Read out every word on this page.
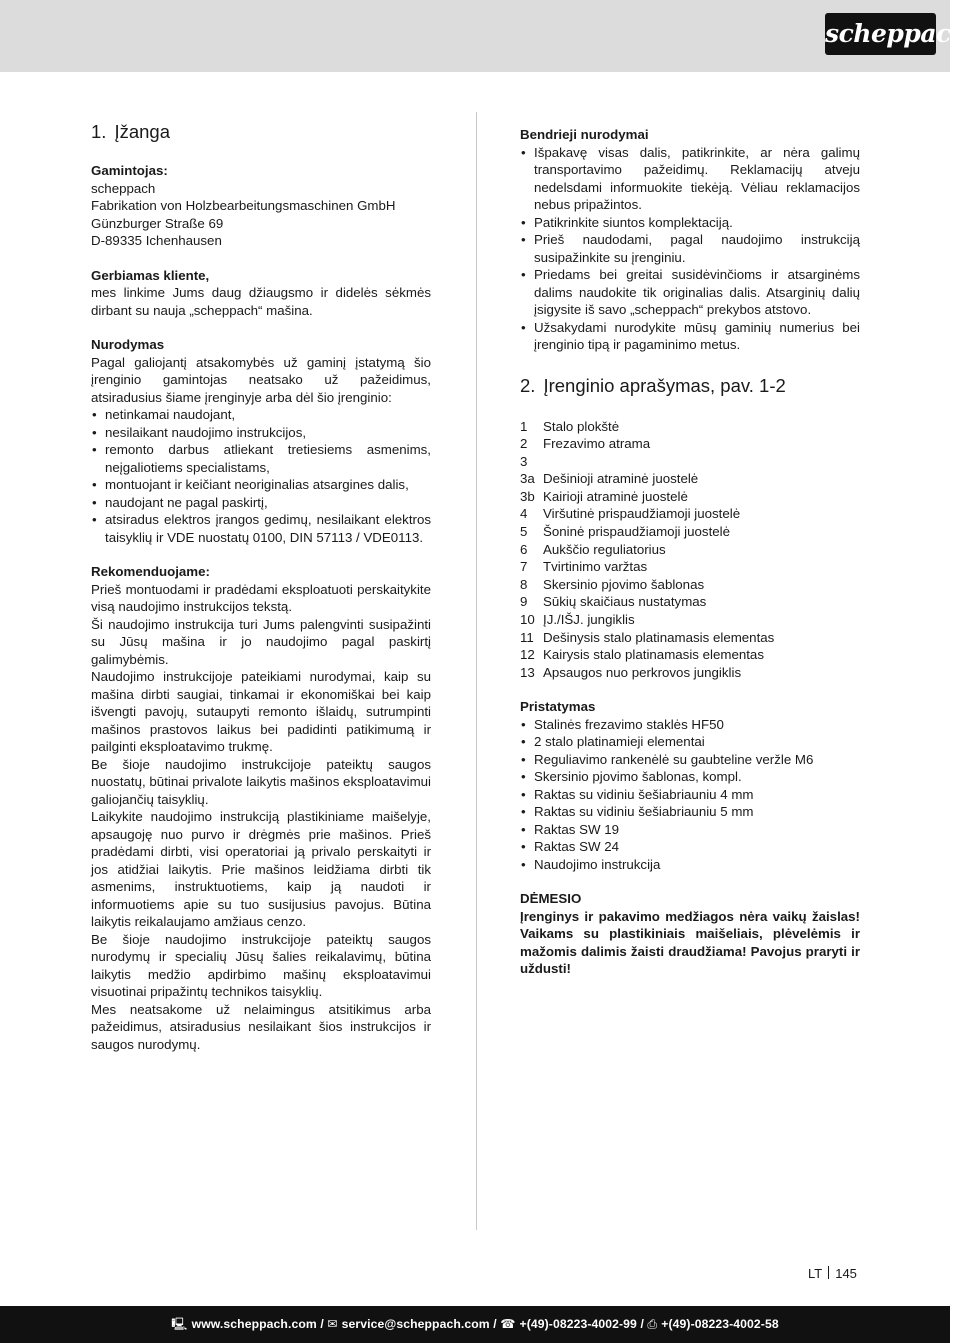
scheppach
1. Įžanga
Gamintojas:

scheppach

Fabrikation von Holzbearbeitungsmaschinen GmbH

Günzburger Straße 69

D-89335 Ichenhausen

Gerbiamas kliente,

mes linkime Jums daug džiaugsmo ir didelės sėkmės dirbant su nauja „scheppach“ mašina.

Nurodymas

Pagal galiojantį atsakomybės už gaminį įstatymą šio įrenginio gamintojas neatsako už pažeidimus, atsiradusius šiame įrenginyje arba dėl šio įrenginio:

• netinkamai naudojant,
• nesilaikant naudojimo instrukcijos,
• remonto darbus atliekant tretiesiems asmenims, neįgaliotiems specialistams,
• montuojant ir keičiant neoriginalias atsargines dalis,
• naudojant ne pagal paskirtį,
• atsiradus elektros įrangos gedimų, nesilaikant elektros taisyklių ir VDE nuostatų 0100, DIN 57113 / VDE0113.
Rekomenduojame:

Prieš montuodami ir pradėdami eksploatuoti perskaitykite visą naudojimo instrukcijos tekstą.

Ši naudojimo instrukcija turi Jums palengvinti susipažinti su Jūsų mašina ir jo naudojimo pagal paskirtį galimybėmis.

Naudojimo instrukcijoje pateikiami nurodymai, kaip su mašina dirbti saugiai, tinkamai ir ekonomiškai bei kaip išvengti pavojų, sutaupyti remonto išlaidų, sutrumpinti mašinos prastovos laikus bei padidinti patikimumą ir pailginti eksploatavimo trukmę.

Be šioje naudojimo instrukcijoje pateiktų saugos nuostatų, būtinai privalote laikytis mašinos eksploatavimui galiojančių taisyklių.

Laikykite naudojimo instrukciją plastikiniame maišelyje, apsaugoję nuo purvo ir drėgmės prie mašinos. Prieš pradėdami dirbti, visi operatoriai ją privalo perskaityti ir jos atidžiai laikytis. Prie mašinos leidžiama dirbti tik asmenims, instruktuotiems, kaip ją naudoti ir informuotiems apie su tuo susijusius pavojus. Būtina laikytis reikalaujamo amžiaus cenzo.

Be šioje naudojimo instrukcijoje pateiktų saugos nurodymų ir specialių Jūsų šalies reikalavimų, būtina laikytis medžio apdirbimo mašinų eksploatavimui visuotinai pripažintų technikos taisyklių.

Mes neatsakome už nelaimingus atsitikimus arba pažeidimus, atsiradusius nesilaikant šios instrukcijos ir saugos nurodymų.

Bendrieji nurodymai
• Išpakavę visas dalis, patikrinkite, ar nėra galimų transportavimo pažeidimų. Reklamacijų atveju nedelsdami informuokite tiekėją. Vėliau reklamacijos nebus pripažintos.
• Patikrinkite siuntos komplektaciją.
• Prieš naudodami, pagal naudojimo instrukciją susipažinkite su įrenginiu.
• Priedams bei greitai susidėvinčioms ir atsarginėms dalims naudokite tik originalias dalis. Atsarginių dalių įsigysite iš savo „scheppach“ prekybos atstovo.
• Užsakydami nurodykite mūsų gaminių numerius bei įrenginio tipą ir pagaminimo metus.
2. Įrenginio aprašymas, pav. 1-2
1	Stalo plokštė
2	Frezavimo atrama
3
3a Dešinioji atraminė juostelė
3b Kairioji atraminė juostelė
4	Viršutinė prispaudžiamoji juostelė
5	Šoninė prispaudžiamoji juostelė
6	Aukščio reguliatorius
7	Tvirtinimo varžtas
8	Skersinio pjovimo šablonas
9	Sūkių skaičiaus nustatymas
10 ĮJ./IŠJ. jungiklis
11 Dešinysis stalo platinamasis elementas
12 Kairysis stalo platinamasis elementas
13 Apsaugos nuo perkrovos jungiklis
Pristatymas
• Stalinės frezavimo staklės HF50
• 2 stalo platinamieji elementai
• Reguliavimo rankenėlė su gaubteline veržle M6
• Skersinio pjovimo šablonas, kompl.
• Raktas su vidiniu šešiabriauniu 4 mm
• Raktas su vidiniu šešiabriauniu 5 mm
• Raktas SW 19
• Raktas SW 24
• Naudojimo instrukcija
DĖMESIO

Įrenginys ir pakavimo medžiagos nėra vaikų žaislas! Vaikams su plastikiniais maišeliais, plėvelėmis ir mažomis dalimis žaisti draudžiama! Pavojus praryti ir uždusti!

LT 145
🖳 www.scheppach.com / ✉ service@scheppach.com / ☎ +(49)-08223-4002-99 / ⎙ +(49)-08223-4002-58
